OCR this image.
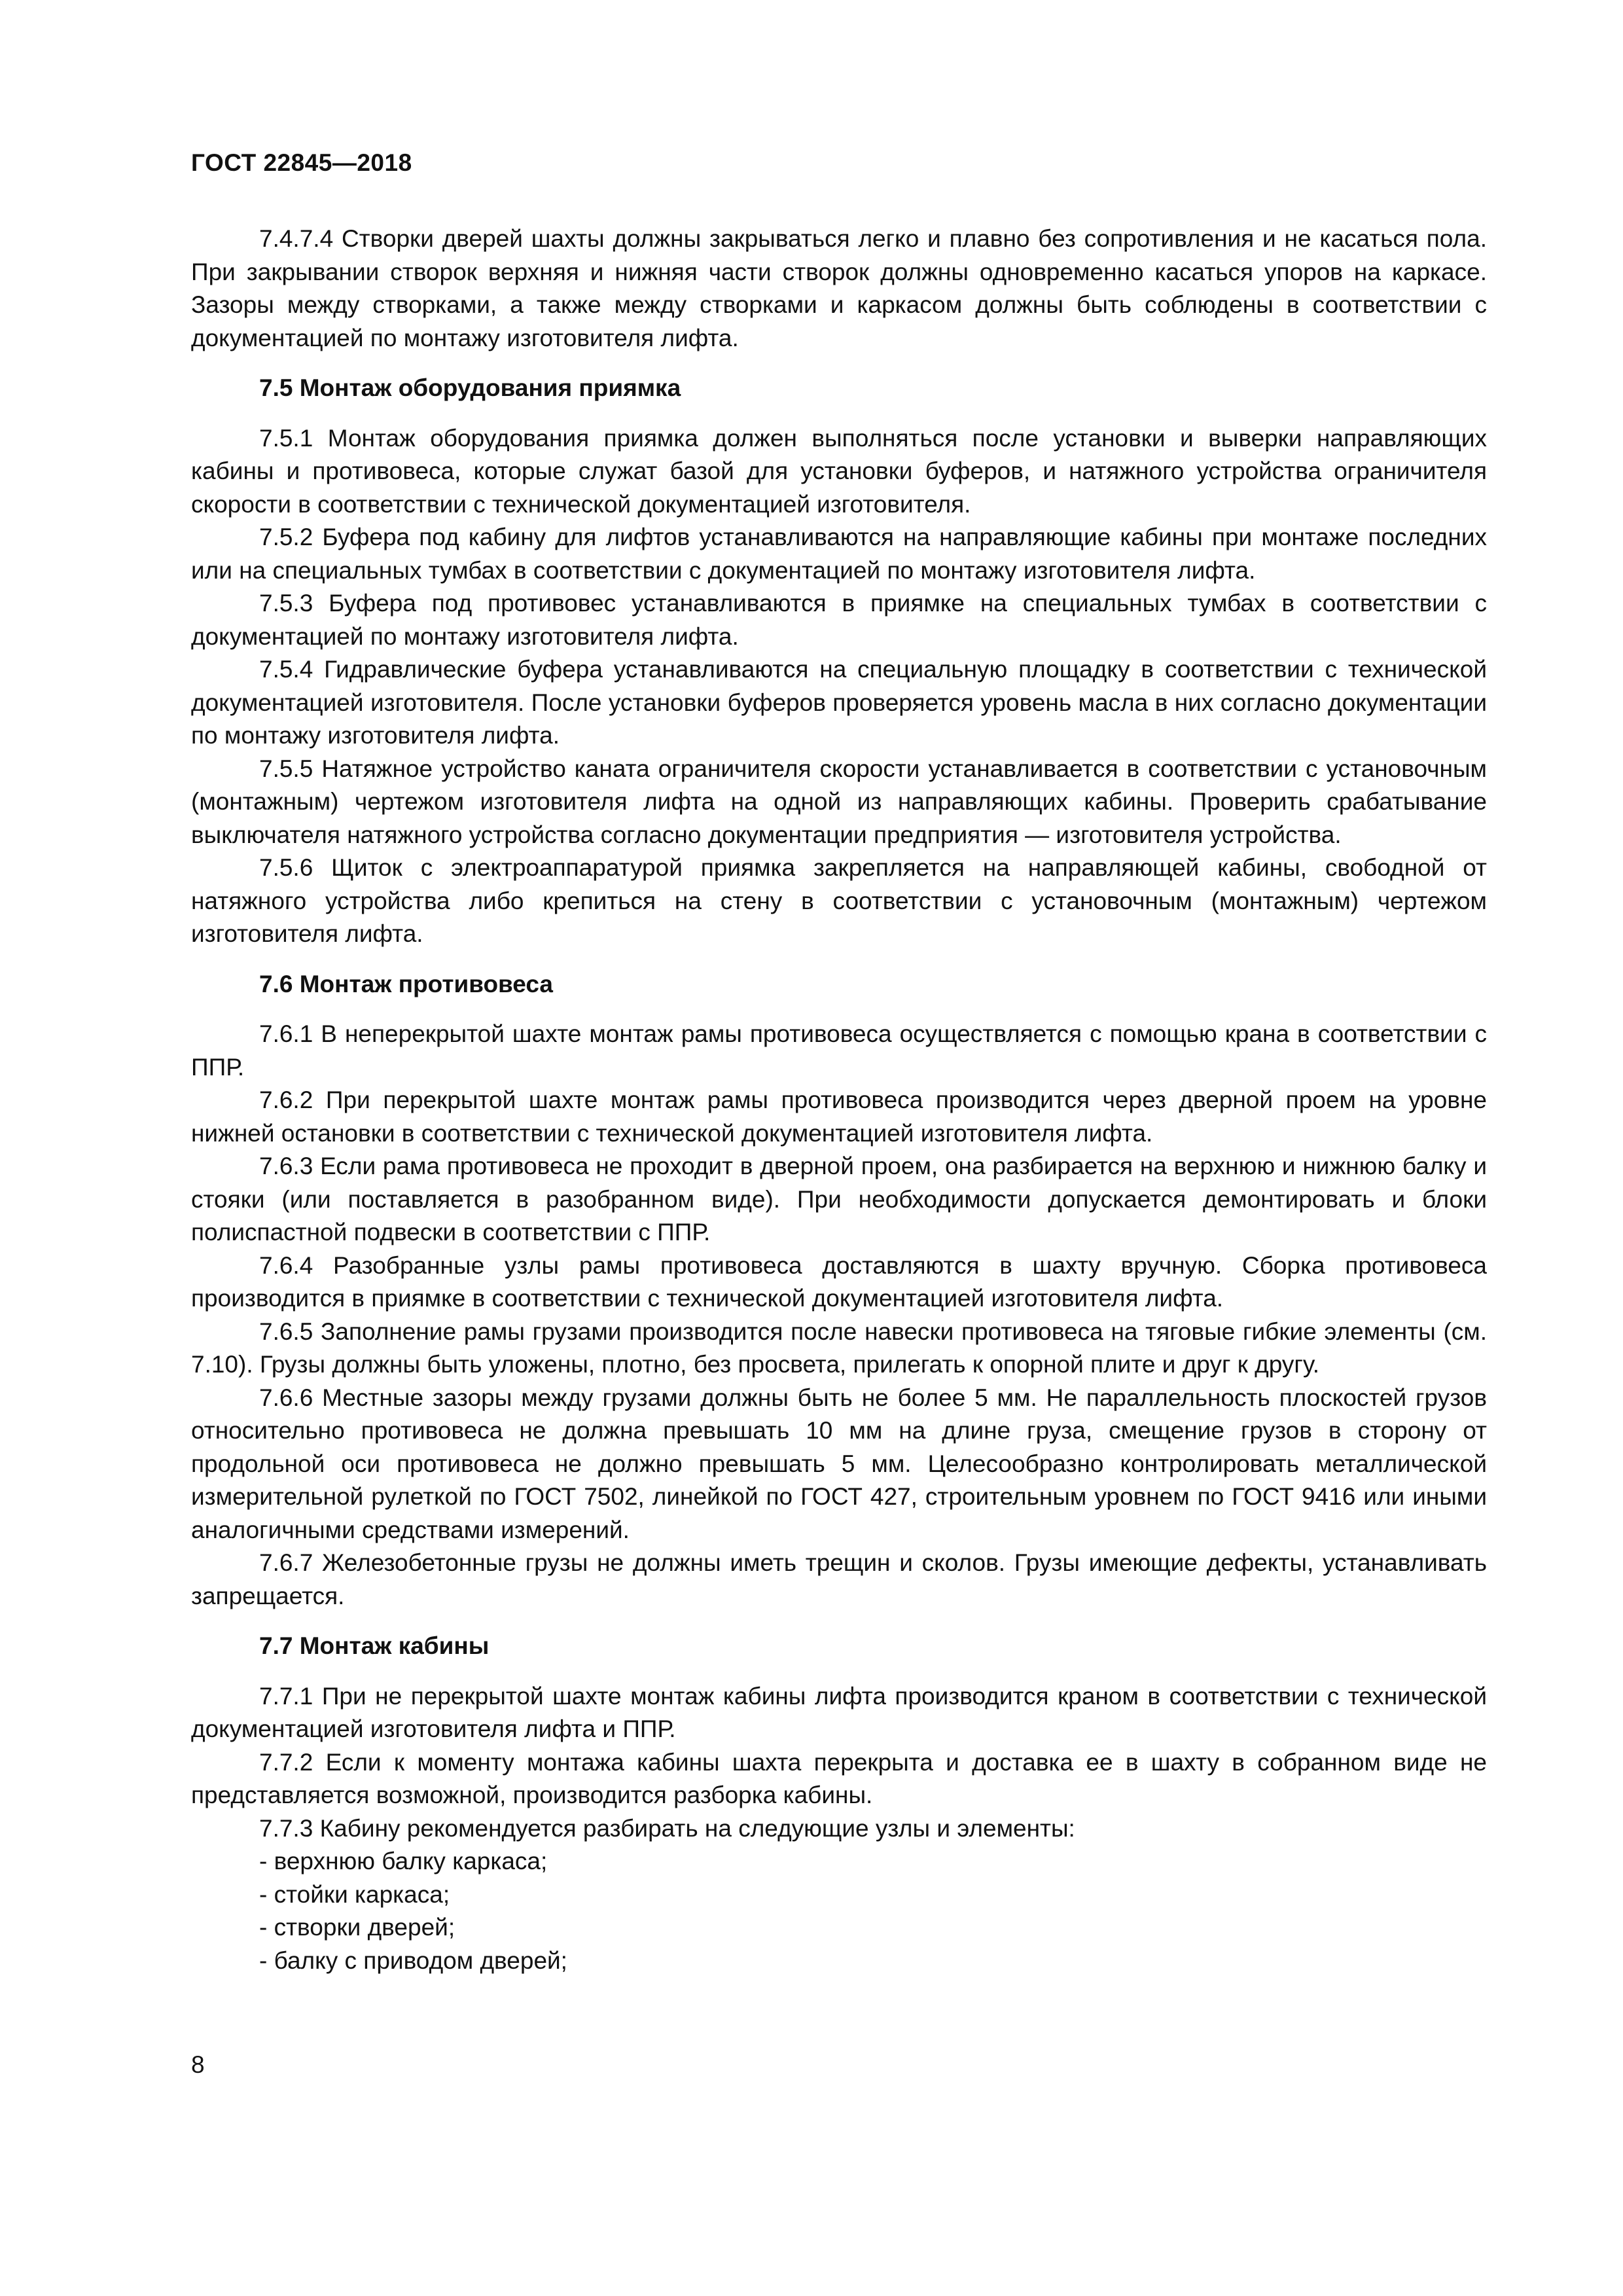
ГОСТ 22845—2018

7.4.7.4 Створки дверей шахты должны закрываться легко и плавно без сопротивления и не касаться пола. При закрывании створок верхняя и нижняя части створок должны одновременно касаться упоров на каркасе. Зазоры между створками, а также между створками и каркасом должны быть соблюдены в соответствии с документацией по монтажу изготовителя лифта.

7.5 Монтаж оборудования приямка

7.5.1 Монтаж оборудования приямка должен выполняться после установки и выверки направляющих кабины и противовеса, которые служат базой для установки буферов, и натяжного устройства ограничителя скорости в соответствии с технической документацией изготовителя.

7.5.2 Буфера под кабину для лифтов устанавливаются на направляющие кабины при монтаже последних или на специальных тумбах в соответствии с документацией по монтажу изготовителя лифта.

7.5.3 Буфера под противовес устанавливаются в приямке на специальных тумбах в соответствии с документацией по монтажу изготовителя лифта.

7.5.4 Гидравлические буфера устанавливаются на специальную площадку в соответствии с технической документацией изготовителя. После установки буферов проверяется уровень масла в них согласно документации по монтажу изготовителя лифта.

7.5.5 Натяжное устройство каната ограничителя скорости устанавливается в соответствии с установочным (монтажным) чертежом изготовителя лифта на одной из направляющих кабины. Проверить срабатывание выключателя натяжного устройства согласно документации предприятия — изготовителя устройства.

7.5.6 Щиток с электроаппаратурой приямка закрепляется на направляющей кабины, свободной от натяжного устройства либо крепиться на стену в соответствии с установочным (монтажным) чертежом изготовителя лифта.

7.6 Монтаж противовеса

7.6.1 В неперекрытой шахте монтаж рамы противовеса осуществляется с помощью крана в соответствии с ППР.

7.6.2 При перекрытой шахте монтаж рамы противовеса производится через дверной проем на уровне нижней остановки в соответствии с технической документацией изготовителя лифта.

7.6.3 Если рама противовеса не проходит в дверной проем, она разбирается на верхнюю и нижнюю балку и стояки (или поставляется в разобранном виде). При необходимости допускается демонтировать и блоки полиспастной подвески в соответствии с ППР.

7.6.4 Разобранные узлы рамы противовеса доставляются в шахту вручную. Сборка противовеса производится в приямке в соответствии с технической документацией изготовителя лифта.

7.6.5 Заполнение рамы грузами производится после навески противовеса на тяговые гибкие элементы (см. 7.10). Грузы должны быть уложены, плотно, без просвета, прилегать к опорной плите и друг к другу.

7.6.6 Местные зазоры между грузами должны быть не более 5 мм. Не параллельность плоскостей грузов относительно противовеса не должна превышать 10 мм на длине груза, смещение грузов в сторону от продольной оси противовеса не должно превышать 5 мм. Целесообразно контролировать металлической измерительной рулеткой по ГОСТ 7502, линейкой по ГОСТ 427, строительным уровнем по ГОСТ 9416 или иными аналогичными средствами измерений.

7.6.7 Железобетонные грузы не должны иметь трещин и сколов. Грузы имеющие дефекты, устанавливать запрещается.

7.7 Монтаж кабины

7.7.1 При не перекрытой шахте монтаж кабины лифта производится краном в соответствии с технической документацией изготовителя лифта и ППР.

7.7.2 Если к моменту монтажа кабины шахта перекрыта и доставка ее в шахту в собранном виде не представляется возможной, производится разборка кабины.

7.7.3 Кабину рекомендуется разбирать на следующие узлы и элементы:

- верхнюю балку каркаса;
- стойки каркаса;
- створки дверей;
- балку с приводом дверей;
8
